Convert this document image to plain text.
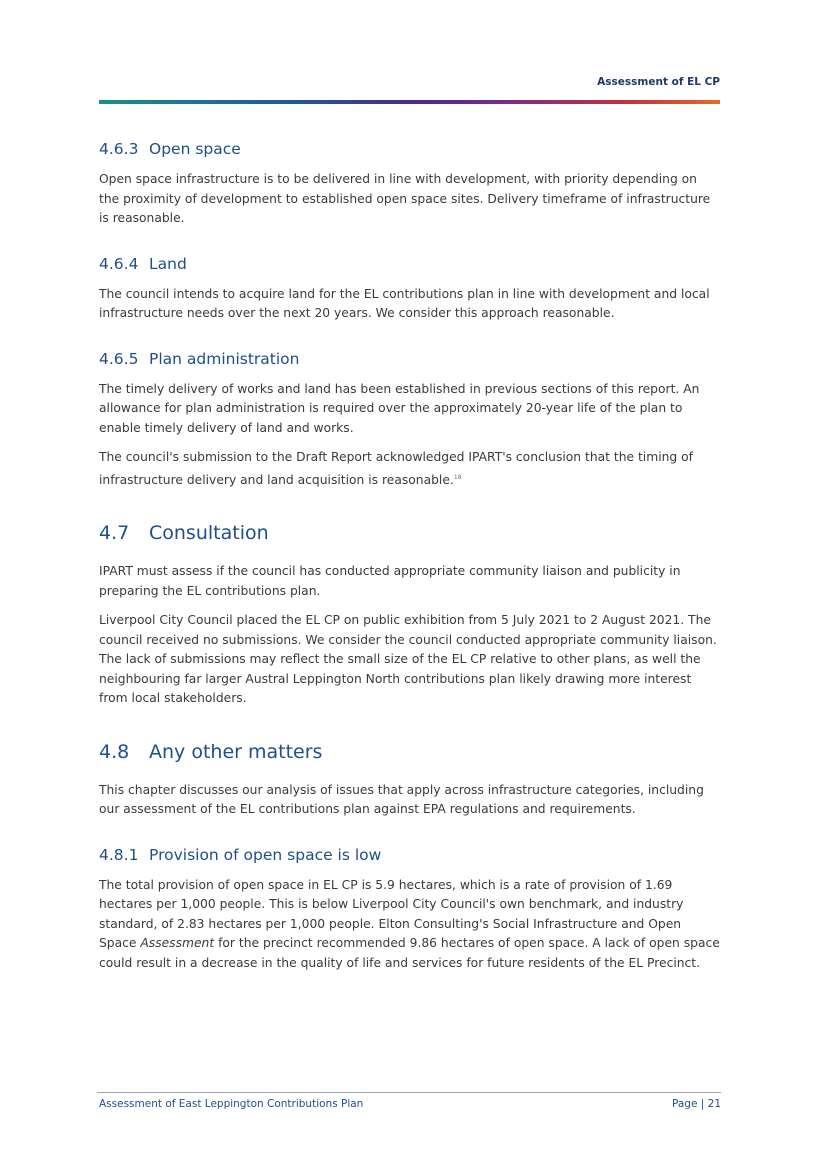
Assessment of EL CP
4.6.3 Open space

Open space infrastructure is to be delivered in line with development, with priority depending on the proximity of development to established open space sites. Delivery timeframe of infrastructure is reasonable.

4.6.4 Land

The council intends to acquire land for the EL contributions plan in line with development and local infrastructure needs over the next 20 years. We consider this approach reasonable.

4.6.5 Plan administration

The timely delivery of works and land has been established in previous sections of this report. An allowance for plan administration is required over the approximately 20-year life of the plan to enable timely delivery of land and works.

The council's submission to the Draft Report acknowledged IPART's conclusion that the timing of infrastructure delivery and land acquisition is reasonable.$^{18}$

4.7	Consultation

IPART must assess if the council has conducted appropriate community liaison and publicity in preparing the EL contributions plan.

Liverpool City Council placed the EL CP on public exhibition from 5 July 2021 to 2 August 2021. The council received no submissions. We consider the council conducted appropriate community liaison. The lack of submissions may reflect the small size of the EL CP relative to other plans, as well the neighbouring far larger Austral Leppington North contributions plan likely drawing more interest from local stakeholders.

4.8	Any other matters

This chapter discusses our analysis of issues that apply across infrastructure categories, including our assessment of the EL contributions plan against EPA regulations and requirements.

4.8.1 Provision of open space is low

The total provision of open space in EL CP is 5.9 hectares, which is a rate of provision of 1.69 hectares per 1,000 people. This is below Liverpool City Council's own benchmark, and industry standard, of 2.83 hectares per 1,000 people. Elton Consulting's Social Infrastructure and Open Space Assessment for the precinct recommended 9.86 hectares of open space. A lack of open space could result in a decrease in the quality of life and services for future residents of the EL Precinct.

Assessment of East Leppington Contributions Plan	Page | 21
